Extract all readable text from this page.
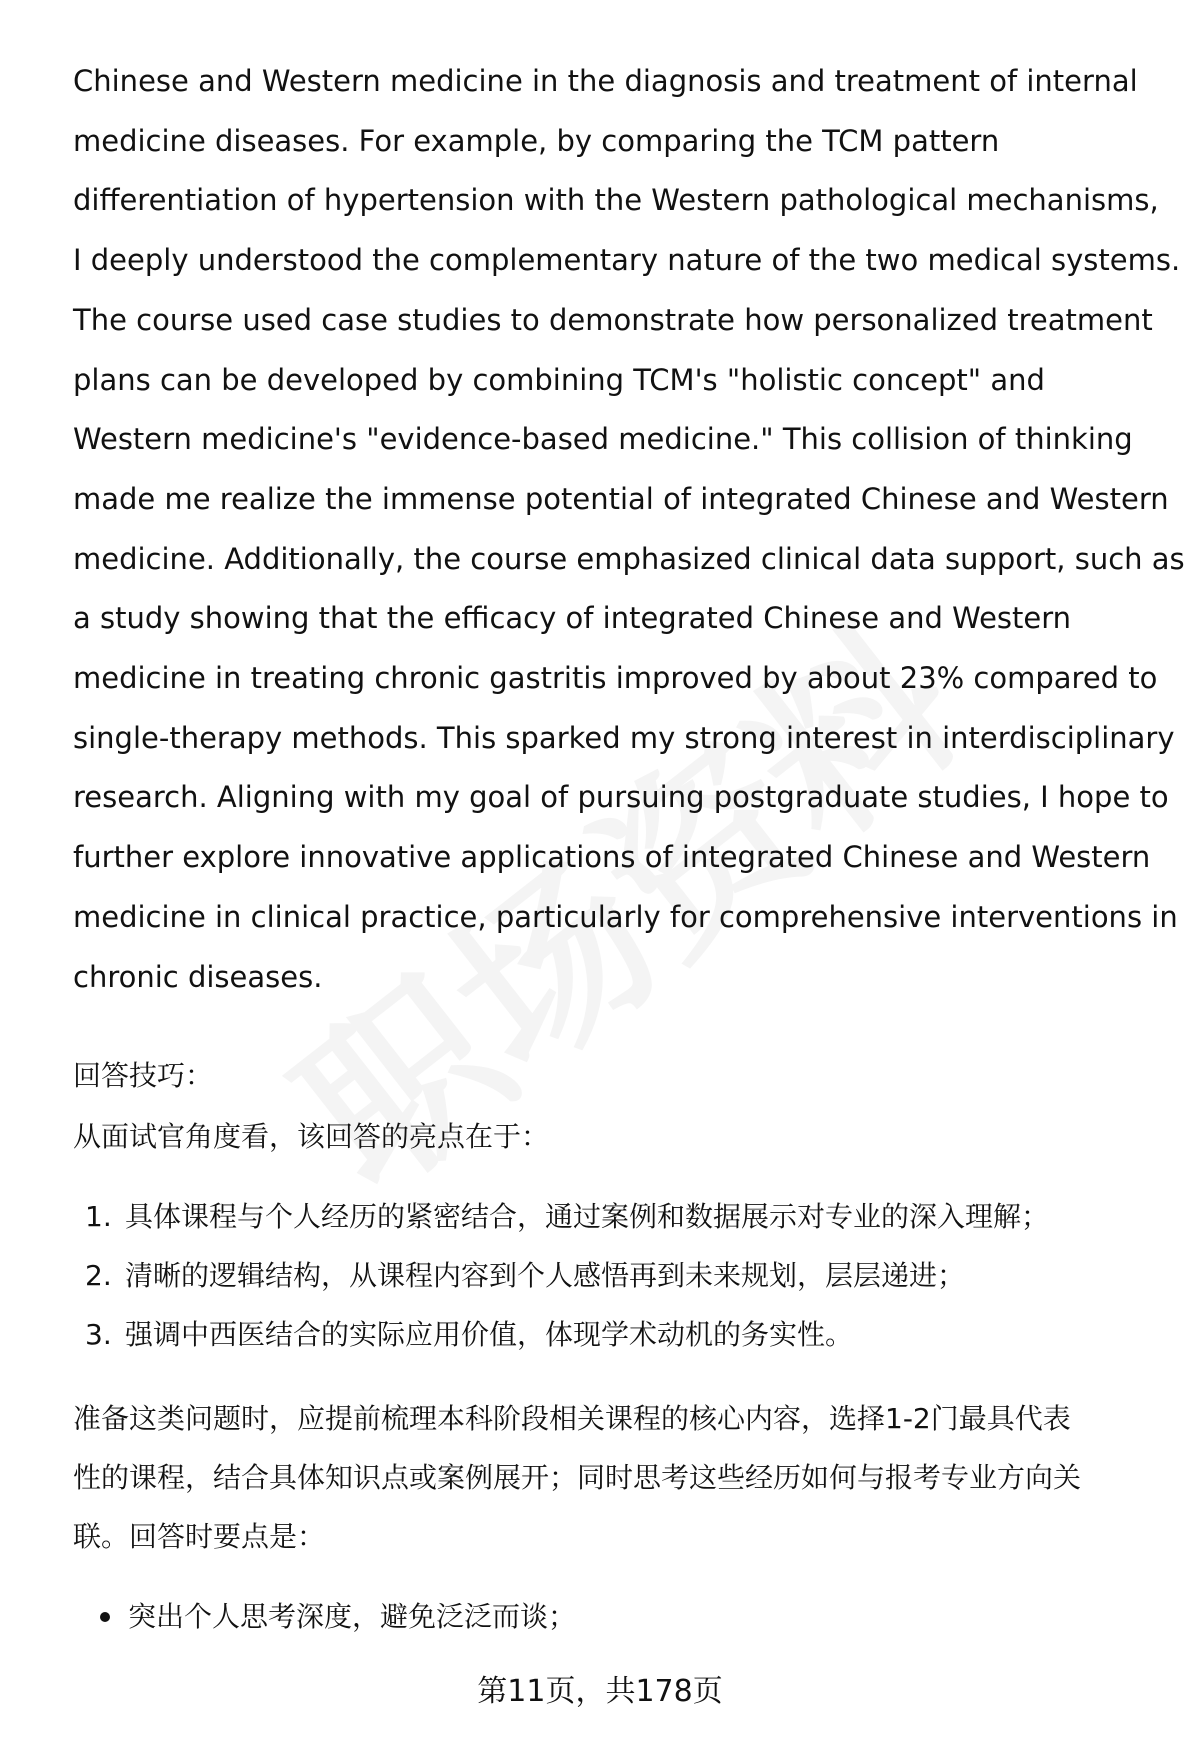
Chinese and Western medicine in the diagnosis and treatment of internal
medicine diseases. For example, by comparing the TCM pattern
differentiation of hypertension with the Western pathological mechanisms,
I deeply understood the complementary nature of the two medical systems.
The course used case studies to demonstrate how personalized treatment
plans can be developed by combining TCM's "holistic concept" and
Western medicine's "evidence-based medicine." This collision of thinking
made me realize the immense potential of integrated Chinese and Western
medicine. Additionally, the course emphasized clinical data support, such as
a study showing that the efficacy of integrated Chinese and Western
medicine in treating chronic gastritis improved by about 23% compared to
single-therapy methods. This sparked my strong interest in interdisciplinary
research. Aligning with my goal of pursuing postgraduate studies, I hope to
further explore innovative applications of integrated Chinese and Western
medicine in clinical practice, particularly for comprehensive interventions in
chronic diseases.

回答技巧：

从面试官角度看，该回答的亮点在于：

1. 具体课程与个人经历的紧密结合，通过案例和数据展示对专业的深入理解；
2. 清晰的逻辑结构，从课程内容到个人感悟再到未来规划，层层递进；
3. 强调中西医结合的实际应用价值，体现学术动机的务实性。

准备这类问题时，应提前梳理本科阶段相关课程的核心内容，选择1-2门最具代表
性的课程，结合具体知识点或案例展开；同时思考这些经历如何与报考专业方向关
联。回答时要点是：

突出个人思考深度，避免泛泛而谈；
第11页，共178页
